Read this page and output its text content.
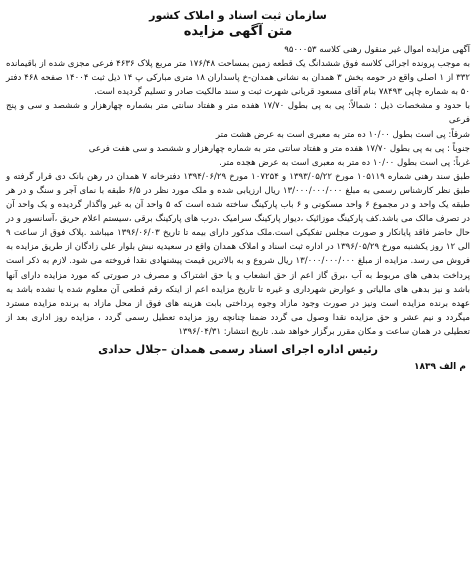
سازمان ثبت اسناد و املاک کشور
متن آگهی مزایده

آگهی مزایده اموال غیر منقول رهنی کلاسه ۹۵۰۰۰۵۳

به موجب پرونده اجرائی کلاسه فوق ششدانگ یک قطعه زمین بمساحت ۱۷۶/۴۸ متر مربع پلاک ۴۶۳۶ فرعی مجزی شده از باقیمانده ۳۳۲ از ۱ اصلی واقع در حومه بخش ۳ همدان به نشانی همدان-خ پاسداران ۱۸ متری مبارکی پ ۱۴ ذیل ثبت ۱۴۰۰۴ صفحه ۴۶۸ دفتر ۵۰ به شماره چاپی ۷۸۴۹۳ بنام آقای مسعود قربانی شهرت ثبت و سند مالکیت صادر و تسلیم گردیده است.

با حدود و مشخصات ذیل : شمالاً: پی به پی بطول ۱۷/۷۰ هفده متر و هفتاد سانتی متر بشماره چهارهزار و ششصد و سی و پنج فرعی

شرقاً: پی است بطول ۱۰/۰۰ ده متر به معبری است به عرض هشت متر

جنوباً : پی به پی بطول ۱۷/۷۰ هفده متر و هفتاد سانتی متر به شماره چهارهزار و ششصد و سی هفت فرعی

غرباً: پی است بطول ۱۰/۰۰ ده متر به معبری است به عرض هجده متر.

طبق سند رهنی شماره ۱۰۵۱۱۹ مورخ ۱۳۹۳/۰۵/۲۲ و ۱۰۷۲۵۴ مورخ ۱۳۹۴/۰۶/۲۹ دفترخانه ۷ همدان در رهن بانک دی قرار گرفته و طبق نظر کارشناس رسمی به مبلغ ۱۳/۰۰۰/۰۰۰/۰۰۰ ریال ارزیابی شده و ملک مورد نظر در ۶/۵ طبقه با نمای آجر و سنگ و در هر طبقه یک واحد و در مجموع ۶ واحد مسکونی و ۶ باب پارکینگ ساخته شده است که ۵ واحد آن به غیر واگذار گردیده و یک واحد آن در تصرف مالک می باشد.کف پارکینگ موزائیک ،دیوار پارکینگ سرامیک ،درب های پارکینگ برقی ،سیستم اعلام حریق ،آسانسور و در حال حاضر فاقد پایانکار و صورت مجلس تفکیکی است.ملک مذکور دارای بیمه تا تاریخ ۱۳۹۶/۰۶/۰۳ میباشد .پلاک فوق از ساعت ۹ الی ۱۲ روز یکشنبه مورخ ۱۳۹۶/۰۵/۲۹ در اداره ثبت اسناد و املاک همدان واقع در سعیدیه نبش بلوار علی زادگان از طریق مزایده به فروش می رسد. مزایده از مبلغ ۱۳/۰۰۰/۰۰۰/۰۰۰ ریال شروع و به بالاترین قیمت پیشنهادی نقدا فروخته می شود. لازم به ذکر است پرداخت بدهی های مربوط به آب ،برق گاز اعم از حق انشعاب و یا حق اشتراک و مصرف در صورتی که مورد مزایده دارای آنها باشد و نیز بدهی های مالیاتی و عوارض شهرداری و غیره تا تاریخ مزایده اعم از اینکه رقم قطعی آن معلوم شده یا نشده باشد به عهده برنده مزایده است ونیز در صورت وجود مازاد وجوه پرداختی بابت هزینه های فوق از محل مازاد به برنده مزایده مسترد میگردد و نیم عشر و حق مزایده نقدا وصول می گردد ضمنا چنانچه روز مزایده تعطیل رسمی گردد ، مزایده روز اداری بعد از تعطیلی در همان ساعت و مکان مقرر برگزار خواهد شد. تاریخ انتشار: ۱۳۹۶/۰۴/۳۱

رئیس اداره اجرای اسناد رسمی همدان –جلال حدادی
م الف ۱۸۳۹
